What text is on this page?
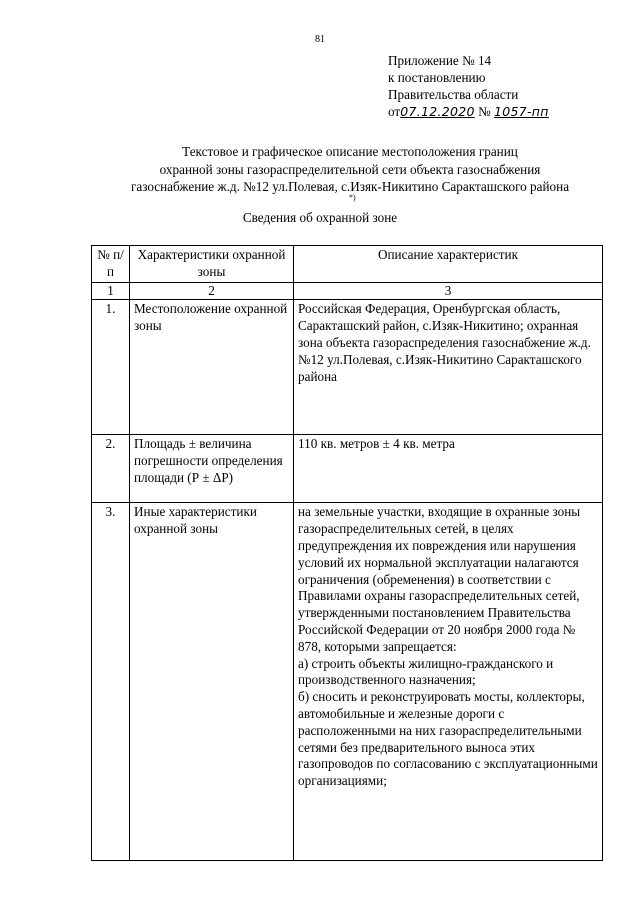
81
Приложение № 14
к постановлению
Правительства области
от07.12.2020 № 1057-пп
Текстовое и графическое описание местоположения границ
охранной зоны газораспределительной сети объекта газоснабжения
газоснабжение ж.д. №12 ул.Полевая, с.Изяк-Никитино Саракташского района
*)
Сведения об охранной зоне
№ п/п	Характеристики охранной зоны	Описание характеристик
1	2	3
1.	Местоположение охранной зоны	Российская Федерация, Оренбургская область, Саракташский район, с.Изяк-Никитино; охранная зона объекта газораспределения газоснабжение ж.д. №12 ул.Полевая, с.Изяк-Никитино Саракташского района
2.	Площадь ± величина погрешности определения площади (Р ± ΔР)	110 кв. метров ± 4 кв. метра
3.	Иные характеристики охранной зоны	на земельные участки, входящие в охранные зоны газораспределительных сетей, в целях предупреждения их повреждения или нарушения условий их нормальной эксплуатации налагаются ограничения (обременения) в соответствии с Правилами охраны газораспределительных сетей, утвержденными постановлением Правительства Российской Федерации от 20 ноября 2000 года № 878, которыми запрещается:
а) строить объекты жилищно-гражданского и производственного назначения;
б) сносить и реконструировать мосты, коллекторы, автомобильные и железные дороги с расположенными на них газораспределительными сетями без предварительного выноса этих газопроводов по согласованию с эксплуатационными организациями;
